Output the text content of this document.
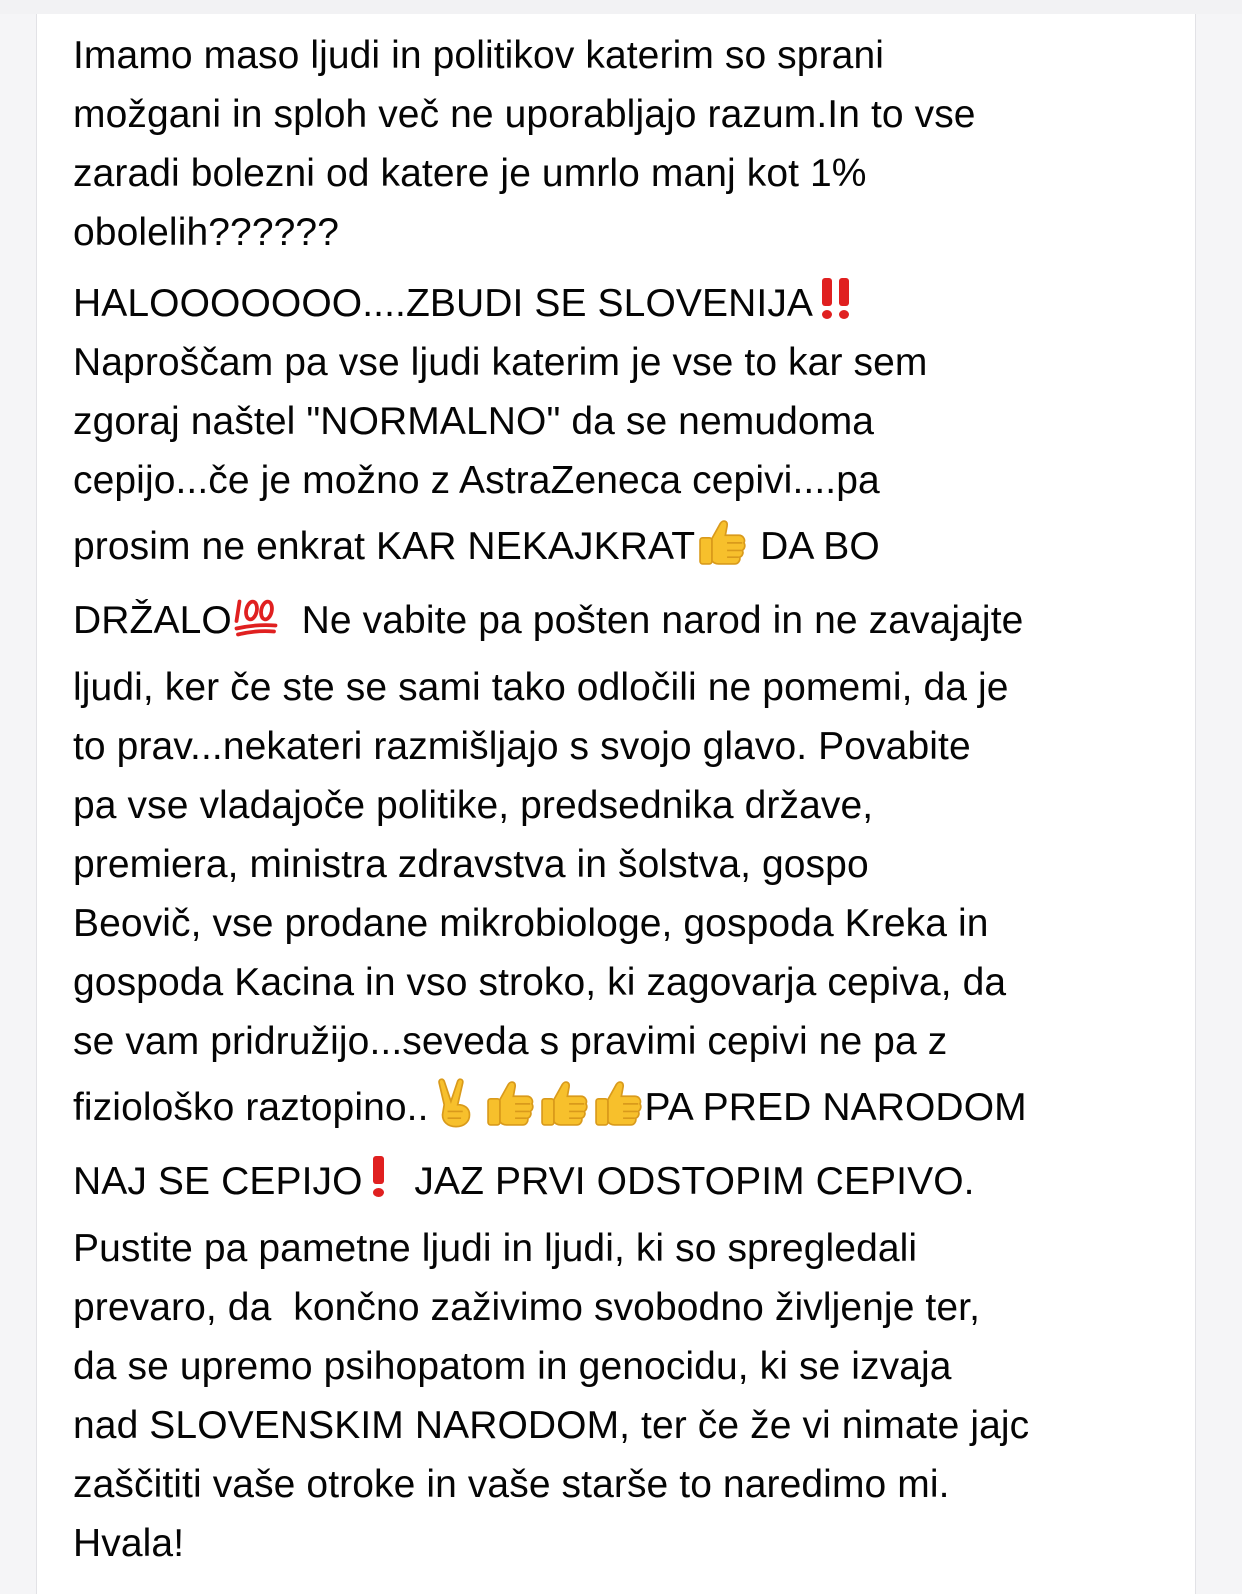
Imamo maso ljudi in politikov katerim so sprani
možgani in sploh več ne uporabljajo razum.In to vse
zaradi bolezni od katere je umrlo manj kot 1%
obolelih??????
HALOOOOOOO....ZBUDI SE SLOVENIJA
Naproščam pa vse ljudi katerim je vse to kar sem
zgoraj naštel "NORMALNO" da se nemudoma
cepijo...če je možno z AstraZeneca cepivi....pa
prosim ne enkrat KAR NEKAJKRAT DA BO
DRŽALO  Ne vabite pa pošten narod in ne zavajajte
ljudi, ker če ste se sami tako odločili ne pomemi, da je
to prav...nekateri razmišljajo s svojo glavo. Povabite
pa vse vladajoče politike, predsednika države,
premiera, ministra zdravstva in šolstva, gospo
Beovič, vse prodane mikrobiologe, gospoda Kreka in
gospoda Kacina in vso stroko, ki zagovarja cepiva, da
se vam pridružijo...seveda s pravimi cepivi ne pa z
fiziološko raztopino..	PA PRED NARODOM
NAJ SE CEPIJO
JAZ PRVI ODSTOPIM CEPIVO.
Pustite pa pametne ljudi in ljudi, ki so spregledali
prevaro, da  končno zaživimo svobodno življenje ter,
da se upremo psihopatom in genocidu, ki se izvaja
nad SLOVENSKIM NARODOM, ter če že vi nimate jajc
zaščititi vaše otroke in vaše starše to naredimo mi.
Hvala!
